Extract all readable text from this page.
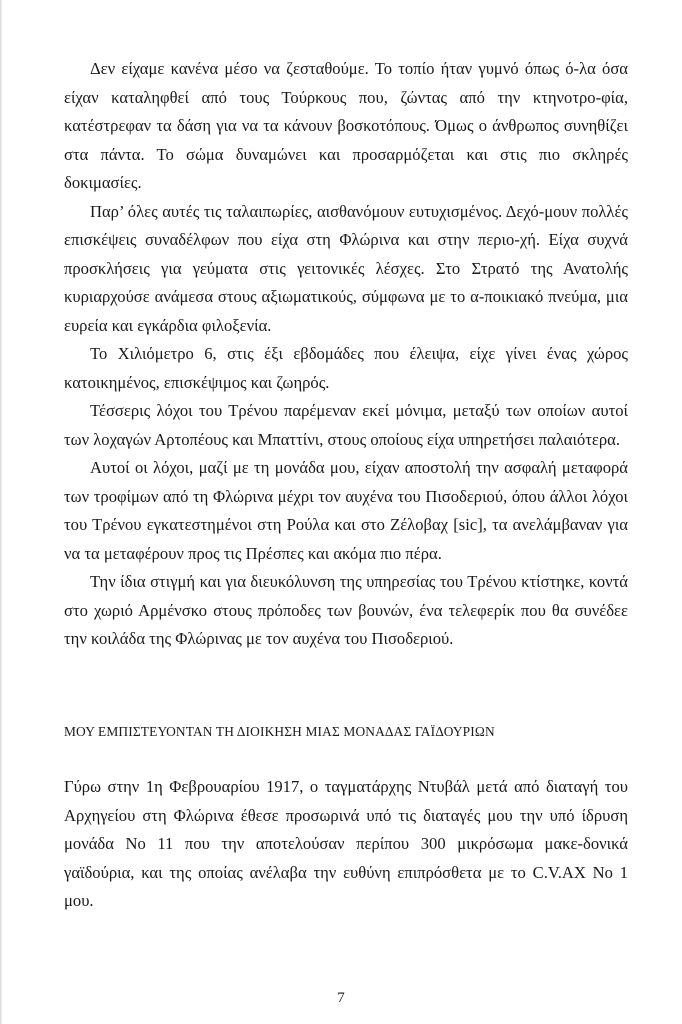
Δεν είχαμε κανένα μέσο να ζεσταθούμε. Το τοπίο ήταν γυμνό όπως ό-λα όσα είχαν καταληφθεί από τους Τούρκους που, ζώντας από την κτηνοτρο-φία, κατέστρεφαν τα δάση για να τα κάνουν βοσκοτόπους. Όμως ο άνθρωπος συνηθίζει στα πάντα. Το σώμα δυναμώνει και προσαρμόζεται και στις πιο σκληρές δοκιμασίες.

Παρ’ όλες αυτές τις ταλαιπωρίες, αισθανόμουν ευτυχισμένος. Δεχό-μουν πολλές επισκέψεις συναδέλφων που είχα στη Φλώρινα και στην περιο-χή. Είχα συχνά προσκλήσεις για γεύματα στις γειτονικές λέσχες. Στο Στρατό της Ανατολής κυριαρχούσε ανάμεσα στους αξιωματικούς, σύμφωνα με το α-ποικιακό πνεύμα, μια ευρεία και εγκάρδια φιλοξενία.

Το Χιλιόμετρο 6, στις έξι εβδομάδες που έλειψα, είχε γίνει ένας χώρος κατοικημένος, επισκέψιμος και ζωηρός.

Τέσσερις λόχοι του Τρένου παρέμεναν εκεί μόνιμα, μεταξύ των οποίων αυτοί των λοχαγών Αρτοπέους και Μπαττίνι, στους οποίους είχα υπηρετήσει παλαιότερα.

Αυτοί οι λόχοι, μαζί με τη μονάδα μου, είχαν αποστολή την ασφαλή μεταφορά των τροφίμων από τη Φλώρινα μέχρι τον αυχένα του Πισοδεριού, όπου άλλοι λόχοι του Τρένου εγκατεστημένοι στη Ρούλα και στο Ζέλοβαχ [sic], τα ανελάμβαναν για να τα μεταφέρουν προς τις Πρέσπες και ακόμα πιο πέρα.

Την ίδια στιγμή και για διευκόλυνση της υπηρεσίας του Τρένου κτίστηκε, κοντά στο χωριό Αρμένσκο στους πρόποδες των βουνών, ένα τελεφερίκ που θα συνέδεε την κοιλάδα της Φλώρινας με τον αυχένα του Πισοδεριού.

ΜΟΥ ΕΜΠΙΣΤΕΥΟΝΤΑΝ ΤΗ ΔΙΟΙΚΗΣΗ ΜΙΑΣ ΜΟΝΑΔΑΣ ΓΑΪΔΟΥΡΙΩΝ

Γύρω στην 1η Φεβρουαρίου 1917, ο ταγματάρχης Ντυβάλ μετά από διαταγή του Αρχηγείου στη Φλώρινα έθεσε προσωρινά υπό τις διαταγές μου την υπό ίδρυση μονάδα Νο 11 που την αποτελούσαν περίπου 300 μικρόσωμα μακε-δονικά γαϊδούρια, και της οποίας ανέλαβα την ευθύνη επιπρόσθετα με το C.V.AX Νο 1 μου.

7
